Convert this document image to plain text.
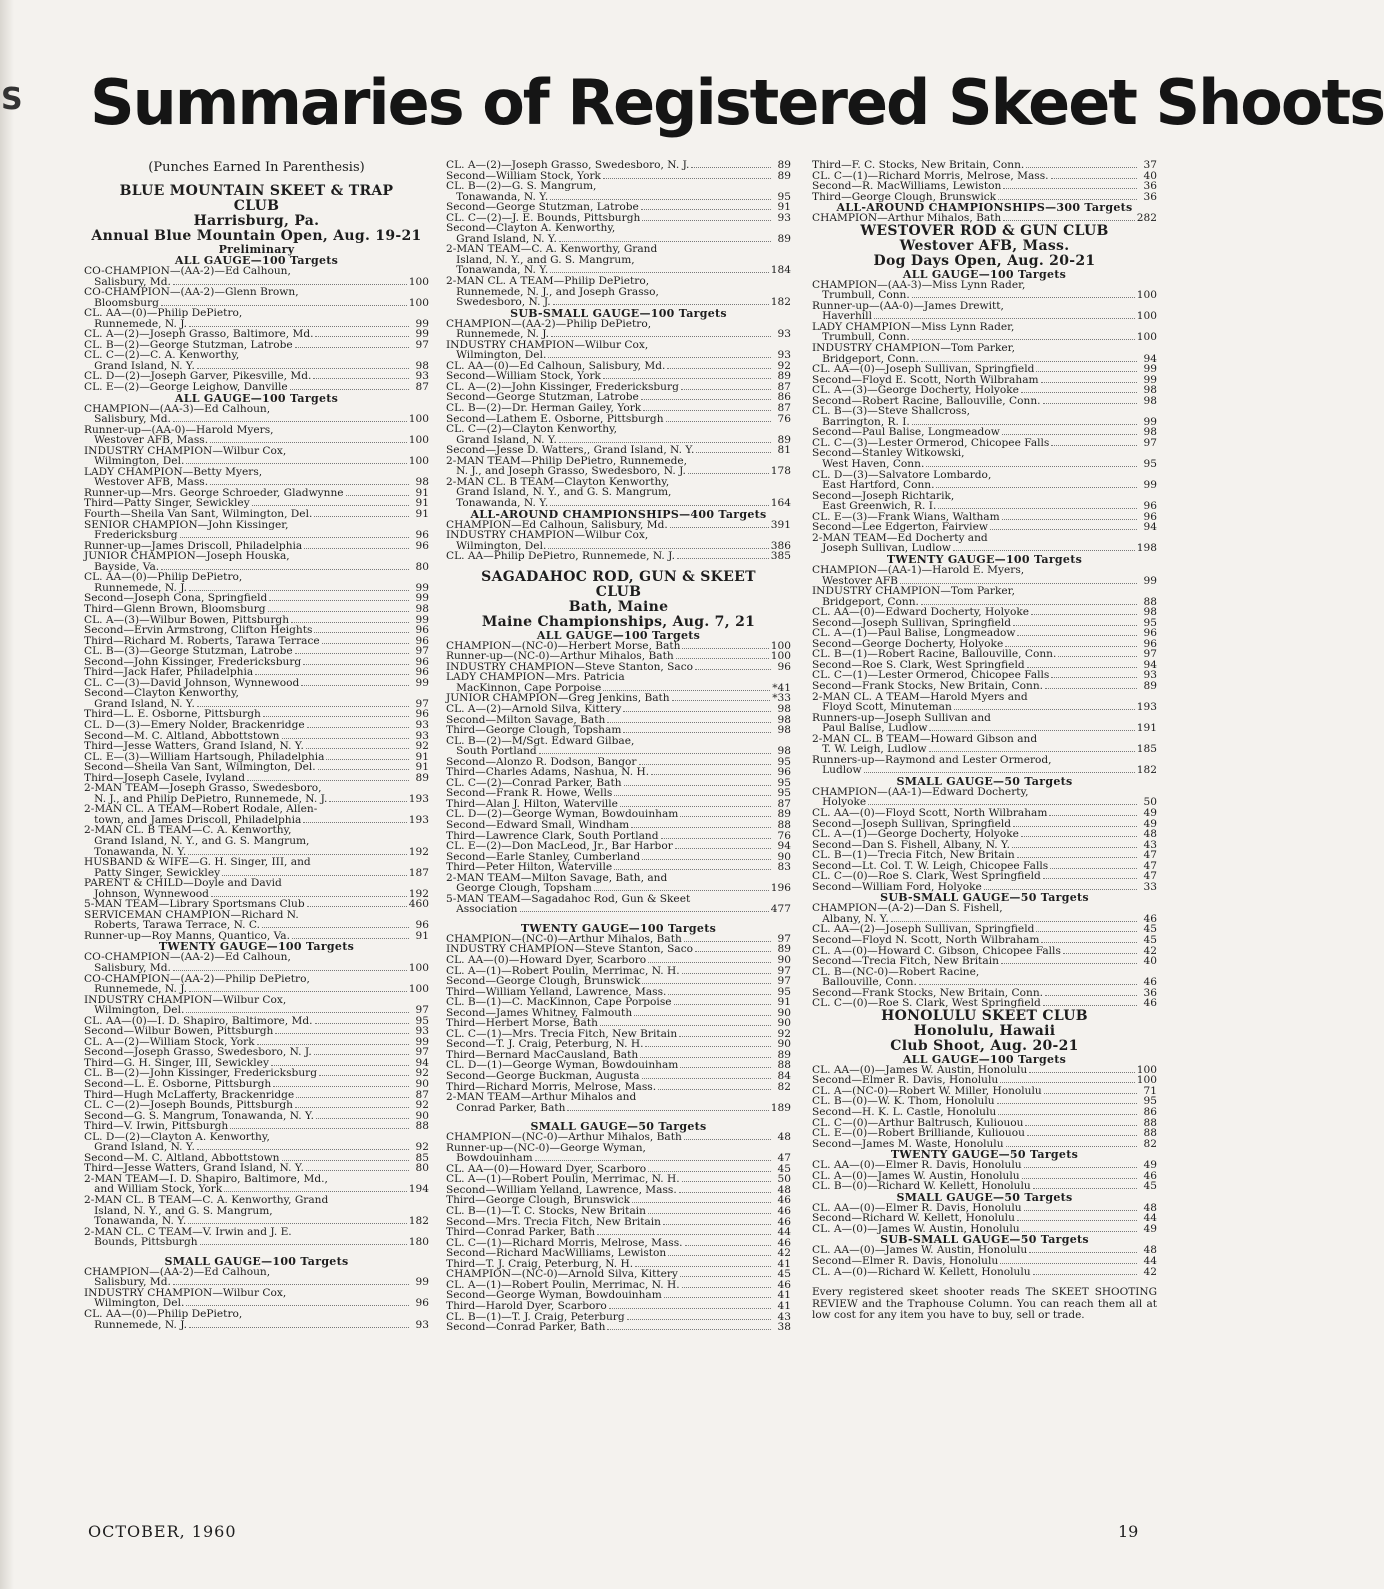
S Summaries of Registered Skeet Shoots
(Punches Earned In Parenthesis)
BLUE MOUNTAIN SKEET & TRAP
CLUB
Harrisburg, Pa.
Annual Blue Mountain Open, Aug. 19-21
Preliminary
ALL GAUGE—100 Targets
CO-CHAMPION—(AA-2)—Ed Calhoun,
Salisbury, Md.	100
CO-CHAMPION—(AA-2)—Glenn Brown,
Bloomsburg	100
CL. AA—(0)—Philip DePietro,
Runnemede, N. J.	99
CL. A—(2)—Joseph Grasso, Baltimore, Md.	99
CL. B—(2)—George Stutzman, Latrobe	97
CL. C—(2)—C. A. Kenworthy,
Grand Island, N. Y.	98
CL. D—(2)—Joseph Garver, Pikesville, Md.	93
CL. E—(2)—George Leighow, Danville	87
ALL GAUGE—100 Targets
CHAMPION—(AA-3)—Ed Calhoun,
Salisbury, Md.	100
Runner-up—(AA-0)—Harold Myers,
Westover AFB, Mass.	100
INDUSTRY CHAMPION—Wilbur Cox,
Wilmington, Del.	100
LADY CHAMPION—Betty Myers,
Westover AFB, Mass.	98
Runner-up—Mrs. George Schroeder, Gladwynne	91
Third—Patty Singer, Sewickley	91
Fourth—Sheila Van Sant, Wilmington, Del.	91
SENIOR CHAMPION—John Kissinger,
Fredericksburg	96
Runner-up—James Driscoll, Philadelphia	96
JUNIOR CHAMPION—Joseph Houska,
Bayside, Va.	80
CL. AA—(0)—Philip DePietro,
Runnemede, N. J.	99
Second—Joseph Cona, Springfield	99
Third—Glenn Brown, Bloomsburg	98
CL. A—(3)—Wilbur Bowen, Pittsburgh	99
Second—Ervin Armstrong, Clifton Heights	96
Third—Richard M. Roberts, Tarawa Terrace	96
CL. B—(3)—George Stutzman, Latrobe	97
Second—John Kissinger, Fredericksburg	96
Third—Jack Hafer, Philadelphia	96
CL. C—(3)—David Johnson, Wynnewood	99
Second—Clayton Kenworthy,
Grand Island, N. Y.	97
Third—L. E. Osborne, Pittsburgh	96
CL. D—(3)—Emery Nolder, Brackenridge	93
Second—M. C. Altland, Abbottstown	93
Third—Jesse Watters, Grand Island, N. Y.	92
CL. E—(3)—William Hartsough, Philadelphia	91
Second—Sheila Van Sant, Wilmington, Del.	91
Third—Joseph Casele, Ivyland	89
2-MAN TEAM—Joseph Grasso, Swedesboro,
N. J., and Philip DePietro, Runnemede, N. J.	193
2-MAN CL. A TEAM—Robert Rodale, Allen-
town, and James Driscoll, Philadelphia	193
2-MAN CL. B TEAM—C. A. Kenworthy,
Grand Island, N. Y., and G. S. Mangrum,
Tonawanda, N. Y.	192
HUSBAND & WIFE—G. H. Singer, III, and
Patty Singer, Sewickley	187
PARENT & CHILD—Doyle and David
Johnson, Wynnewood	192
5-MAN TEAM—Library Sportsmans Club	460
SERVICEMAN CHAMPION—Richard N.
Roberts, Tarawa Terrace, N. C.	96
Runner-up—Roy Manns, Quantico, Va.	91
TWENTY GAUGE—100 Targets
CO-CHAMPION—(AA-2)—Ed Calhoun,
Salisbury, Md.	100
CO-CHAMPION—(AA-2)—Philip DePietro,
Runnemede, N. J.	100
INDUSTRY CHAMPION—Wilbur Cox,
Wilmington, Del.	97
CL. AA—(0)—I. D. Shapiro, Baltimore, Md.	95
Second—Wilbur Bowen, Pittsburgh	93
CL. A—(2)—William Stock, York	99
Second—Joseph Grasso, Swedesboro, N. J.	97
Third—G. H. Singer, III, Sewickley	94
CL. B—(2)—John Kissinger, Fredericksburg	92
Second—L. E. Osborne, Pittsburgh	90
Third—Hugh McLafferty, Brackenridge	87
CL. C—(2)—Joseph Bounds, Pittsburgh	92
Second—G. S. Mangrum, Tonawanda, N. Y.	90
Third—V. Irwin, Pittsburgh	88
CL. D—(2)—Clayton A. Kenworthy,
Grand Island, N. Y.	92
Second—M. C. Altland, Abbottstown	85
Third—Jesse Watters, Grand Island, N. Y.	80
2-MAN TEAM—I. D. Shapiro, Baltimore, Md.,
and William Stock, York	194
2-MAN CL. B TEAM—C. A. Kenworthy, Grand
Island, N. Y., and G. S. Mangrum,
Tonawanda, N. Y.	182
2-MAN CL. C TEAM—V. Irwin and J. E.
Bounds, Pittsburgh	180
SMALL GAUGE—100 Targets
CHAMPION—(AA-2)—Ed Calhoun,
Salisbury, Md.	99
INDUSTRY CHAMPION—Wilbur Cox,
Wilmington, Del.	96
CL. AA—(0)—Philip DePietro,
Runnemede, N. J.	93
CL. A—(2)—Joseph Grasso, Swedesboro, N. J.	89
Second—William Stock, York	89
CL. B—(2)—G. S. Mangrum,
Tonawanda, N. Y.	95
Second—George Stutzman, Latrobe	91
CL. C—(2)—J. E. Bounds, Pittsburgh	93
Second—Clayton A. Kenworthy,
Grand Island, N. Y.	89
2-MAN TEAM—C. A. Kenworthy, Grand
Island, N. Y., and G. S. Mangrum,
Tonawanda, N. Y.	184
2-MAN CL. A TEAM—Philip DePietro,
Runnemede, N. J., and Joseph Grasso,
Swedesboro, N. J.	182
SUB-SMALL GAUGE—100 Targets
CHAMPION—(AA-2)—Philip DePietro,
Runnemede, N. J.	93
INDUSTRY CHAMPION—Wilbur Cox,
Wilmington, Del.	93
CL. AA—(0)—Ed Calhoun, Salisbury, Md.	92
Second—William Stock, York	89
CL. A—(2)—John Kissinger, Fredericksburg	87
Second—George Stutzman, Latrobe	86
CL. B—(2)—Dr. Herman Gailey, York	87
Second—Lathem E. Osborne, Pittsburgh	76
CL. C—(2)—Clayton Kenworthy,
Grand Island, N. Y.	89
Second—Jesse D. Watters,, Grand Island, N. Y.	81
2-MAN TEAM—Philip DePietro, Runnemede,
N. J., and Joseph Grasso, Swedesboro, N. J.	178
2-MAN CL. B TEAM—Clayton Kenworthy,
Grand Island, N. Y., and G. S. Mangrum,
Tonawanda, N. Y.	164
ALL-AROUND CHAMPIONSHIPS—400 Targets
CHAMPION—Ed Calhoun, Salisbury, Md.	391
INDUSTRY CHAMPION—Wilbur Cox,
Wilmington, Del.	386
CL. AA—Philip DePietro, Runnemede, N. J.	385
SAGADAHOC ROD, GUN & SKEET
CLUB
Bath, Maine
Maine Championships, Aug. 7, 21
ALL GAUGE—100 Targets
CHAMPION—(NC-0)—Herbert Morse, Bath	100
Runner-up—(NC-0)—Arthur Mihalos, Bath	100
INDUSTRY CHAMPION—Steve Stanton, Saco	96
LADY CHAMPION—Mrs. Patricia
MacKinnon, Cape Porpoise	*41
JUNIOR CHAMPION—Greg Jenkins, Bath	*33
CL. A—(2)—Arnold Silva, Kittery	98
Second—Milton Savage, Bath	98
Third—George Clough, Topsham	98
CL. B—(2)—M/Sgt. Edward Gilbae,
South Portland	98
Second—Alonzo R. Dodson, Bangor	95
Third—Charles Adams, Nashua, N. H.	96
CL. C—(2)—Conrad Parker, Bath	95
Second—Frank R. Howe, Wells	95
Third—Alan J. Hilton, Waterville	87
CL. D—(2)—George Wyman, Bowdouinham	89
Second—Edward Small, Windham	88
Third—Lawrence Clark, South Portland	76
CL. E—(2)—Don MacLeod, Jr., Bar Harbor	94
Second—Earle Stanley, Cumberland	90
Third—Peter Hilton, Waterville	83
2-MAN TEAM—Milton Savage, Bath, and
George Clough, Topsham	196
5-MAN TEAM—Sagadahoc Rod, Gun & Skeet
Association	477
TWENTY GAUGE—100 Targets
CHAMPION—(NC-0)—Arthur Mihalos, Bath	97
INDUSTRY CHAMPION—Steve Stanton, Saco	89
CL. AA—(0)—Howard Dyer, Scarboro	90
CL. A—(1)—Robert Poulin, Merrimac, N. H.	97
Second—George Clough, Brunswick	97
Third—William Yelland, Lawrence, Mass.	95
CL. B—(1)—C. MacKinnon, Cape Porpoise	91
Second—James Whitney, Falmouth	90
Third—Herbert Morse, Bath	90
CL. C—(1)—Mrs. Trecia Fitch, New Britain	92
Second—T. J. Craig, Peterburg, N. H.	90
Third—Bernard MacCausland, Bath	89
CL. D—(1)—George Wyman, Bowdouinham	88
Second—George Buckman, Augusta	84
Third—Richard Morris, Melrose, Mass.	82
2-MAN TEAM—Arthur Mihalos and
Conrad Parker, Bath	189
SMALL GAUGE—50 Targets
CHAMPION—(NC-0)—Arthur Mihalos, Bath	48
Runner-up—(NC-0)—George Wyman,
Bowdouinham	47
CL. AA—(0)—Howard Dyer, Scarboro	45
CL. A—(1)—Robert Poulin, Merrimac, N. H.	50
Second—William Yelland, Lawrence, Mass.	48
Third—George Clough, Brunswick	46
CL. B—(1)—T. C. Stocks, New Britain	46
Second—Mrs. Trecia Fitch, New Britain	46
Third—Conrad Parker, Bath	44
CL. C—(1)—Richard Morris, Melrose, Mass.	46
Second—Richard MacWilliams, Lewiston	42
Third—T. J. Craig, Peterburg, N. H.	41
CHAMPION—(NC-0)—Arnold Silva, Kittery	45
CL. A—(1)—Robert Poulin, Merrimac, N. H.	46
Second—George Wyman, Bowdouinham	41
Third—Harold Dyer, Scarboro	41
CL. B—(1)—T. J. Craig, Peterburg	43
Second—Conrad Parker, Bath	38
Third—F. C. Stocks, New Britain, Conn.	37
CL. C—(1)—Richard Morris, Melrose, Mass.	40
Second—R. MacWilliams, Lewiston	36
Third—George Clough, Brunswick	36
ALL-AROUND CHAMPIONSHIPS—300 Targets
CHAMPION—Arthur Mihalos, Bath	282
WESTOVER ROD & GUN CLUB
Westover AFB, Mass.
Dog Days Open, Aug. 20-21
ALL GAUGE—100 Targets
CHAMPION—(AA-3)—Miss Lynn Rader,
Trumbull, Conn.	100
Runner-up—(AA-0)—James Drewitt,
Haverhill	100
LADY CHAMPION—Miss Lynn Rader,
Trumbull, Conn.	100
INDUSTRY CHAMPION—Tom Parker,
Bridgeport, Conn.	94
CL. AA—(0)—Joseph Sullivan, Springfield	99
Second—Floyd E. Scott, North Wilbraham	99
CL. A—(3)—George Docherty, Holyoke	98
Second—Robert Racine, Ballouville, Conn.	98
CL. B—(3)—Steve Shallcross,
Barrington, R. I.	99
Second—Paul Balise, Longmeadow	98
CL. C—(3)—Lester Ormerod, Chicopee Falls	97
Second—Stanley Witkowski,
West Haven, Conn.	95
CL. D—(3)—Salvatore Lombardo,
East Hartford, Conn.	99
Second—Joseph Richtarik,
East Greenwich, R. I.	96
CL. E—(3)—Frank Wians, Waltham	96
Second—Lee Edgerton, Fairview	94
2-MAN TEAM—Ed Docherty and
Joseph Sullivan, Ludlow	198
TWENTY GAUGE—100 Targets
CHAMPION—(AA-1)—Harold E. Myers,
Westover AFB	99
INDUSTRY CHAMPION—Tom Parker,
Bridgeport, Conn.	88
CL. AA—(0)—Edward Docherty, Holyoke	98
Second—Joseph Sullivan, Springfield	95
CL. A—(1)—Paul Balise, Longmeadow	96
Second—George Docherty, Holyoke	96
CL. B—(1)—Robert Racine, Ballouville, Conn.	97
Second—Roe S. Clark, West Springfield	94
CL. C—(1)—Lester Ormerod, Chicopee Falls	93
Second—Frank Stocks, New Britain, Conn.	89
2-MAN CL. A TEAM—Harold Myers and
Floyd Scott, Minuteman	193
Runners-up—Joseph Sullivan and
Paul Balise, Ludlow	191
2-MAN CL. B TEAM—Howard Gibson and
T. W. Leigh, Ludlow	185
Runners-up—Raymond and Lester Ormerod,
Ludlow	182
SMALL GAUGE—50 Targets
CHAMPION—(AA-1)—Edward Docherty,
Holyoke	50
CL. AA—(0)—Floyd Scott, North Wilbraham	49
Second—Joseph Sullivan, Springfield	49
CL. A—(1)—George Docherty, Holyoke	48
Second—Dan S. Fishell, Albany, N. Y.	43
CL. B—(1)—Trecia Fitch, New Britain	47
Second—Lt. Col. T. W. Leigh, Chicopee Falls	47
CL. C—(0)—Roe S. Clark, West Springfield	47
Second—William Ford, Holyoke	33
SUB-SMALL GAUGE—50 Targets
CHAMPION—(A-2)—Dan S. Fishell,
Albany, N. Y.	46
CL. AA—(2)—Joseph Sullivan, Springfield	45
Second—Floyd N. Scott, North Wilbraham	45
CL. A—(0)—Howard C. Gibson, Chicopee Falls	42
Second—Trecia Fitch, New Britain	40
CL. B—(NC-0)—Robert Racine,
Ballouville, Conn.	46
Second—Frank Stocks, New Britain, Conn.	36
CL. C—(0)—Roe S. Clark, West Springfield	46
HONOLULU SKEET CLUB
Honolulu, Hawaii
Club Shoot, Aug. 20-21
ALL GAUGE—100 Targets
CL. AA—(0)—James W. Austin, Honolulu	100
Second—Elmer R. Davis, Honolulu	100
CL. A—(NC-0)—Robert W. Miller, Honolulu	71
CL. B—(0)—W. K. Thom, Honolulu	95
Second—H. K. L. Castle, Honolulu	86
CL. C—(0)—Arthur Baltrusch, Kuliouou	88
CL. E—(0)—Robert Brilliande, Kuliouou	88
Second—James M. Waste, Honolulu	82
TWENTY GAUGE—50 Targets
CL. AA—(0)—Elmer R. Davis, Honolulu	49
CL. A—(0)—James W. Austin, Honolulu	46
CL. B—(0)—Richard W. Kellett, Honolulu	45
SMALL GAUGE—50 Targets
CL. AA—(0)—Elmer R. Davis, Honolulu	48
Second—Richard W. Kellett, Honolulu	44
CL. A—(0)—James W. Austin, Honolulu	49
SUB-SMALL GAUGE—50 Targets
CL. AA—(0)—James W. Austin, Honolulu	48
Second—Elmer R. Davis, Honolulu	44
CL. A—(0)—Richard W. Kellett, Honolulu	42
Every registered skeet shooter reads The SKEET SHOOTING REVIEW and the Traphouse Column. You can reach them all at low cost for any item you have to buy, sell or trade.
OCTOBER, 1960	19
